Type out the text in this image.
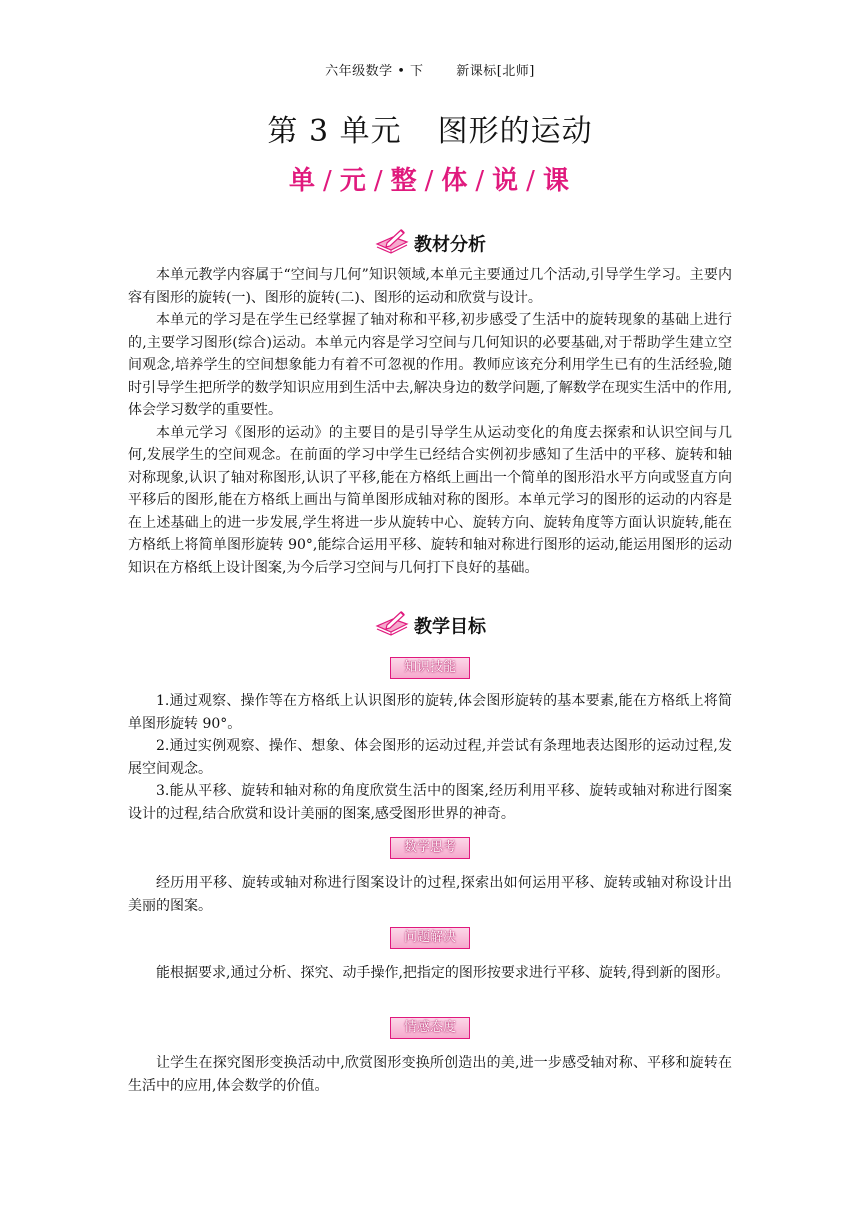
六年级数学 • 下	新课标[北师]
第 3 单元 图形的运动
单 / 元 / 整 / 体 / 说 / 课
教材分析

本单元教学内容属于“空间与几何”知识领域,本单元主要通过几个活动,引导学生学习。主要内容有图形的旋转(一)、图形的旋转(二)、图形的运动和欣赏与设计。

本单元的学习是在学生已经掌握了轴对称和平移,初步感受了生活中的旋转现象的基础上进行的,主要学习图形(综合)运动。本单元内容是学习空间与几何知识的必要基础,对于帮助学生建立空间观念,培养学生的空间想象能力有着不可忽视的作用。教师应该充分利用学生已有的生活经验,随时引导学生把所学的数学知识应用到生活中去,解决身边的数学问题,了解数学在现实生活中的作用,体会学习数学的重要性。

本单元学习《图形的运动》的主要目的是引导学生从运动变化的角度去探索和认识空间与几何,发展学生的空间观念。在前面的学习中学生已经结合实例初步感知了生活中的平移、旋转和轴对称现象,认识了轴对称图形,认识了平移,能在方格纸上画出一个简单的图形沿水平方向或竖直方向平移后的图形,能在方格纸上画出与简单图形成轴对称的图形。本单元学习的图形的运动的内容是在上述基础上的进一步发展,学生将进一步从旋转中心、旋转方向、旋转角度等方面认识旋转,能在方格纸上将简单图形旋转 90°,能综合运用平移、旋转和轴对称进行图形的运动,能运用图形的运动知识在方格纸上设计图案,为今后学习空间与几何打下良好的基础。

教学目标
知识技能

1.通过观察、操作等在方格纸上认识图形的旋转,体会图形旋转的基本要素,能在方格纸上将简单图形旋转 90°。

2.通过实例观察、操作、想象、体会图形的运动过程,并尝试有条理地表达图形的运动过程,发展空间观念。

3.能从平移、旋转和轴对称的角度欣赏生活中的图案,经历利用平移、旋转或轴对称进行图案设计的过程,结合欣赏和设计美丽的图案,感受图形世界的神奇。

数学思考

经历用平移、旋转或轴对称进行图案设计的过程,探索出如何运用平移、旋转或轴对称设计出美丽的图案。

问题解决

能根据要求,通过分析、探究、动手操作,把指定的图形按要求进行平移、旋转,得到新的图形。

情感态度

让学生在探究图形变换活动中,欣赏图形变换所创造出的美,进一步感受轴对称、平移和旋转在生活中的应用,体会数学的价值。
